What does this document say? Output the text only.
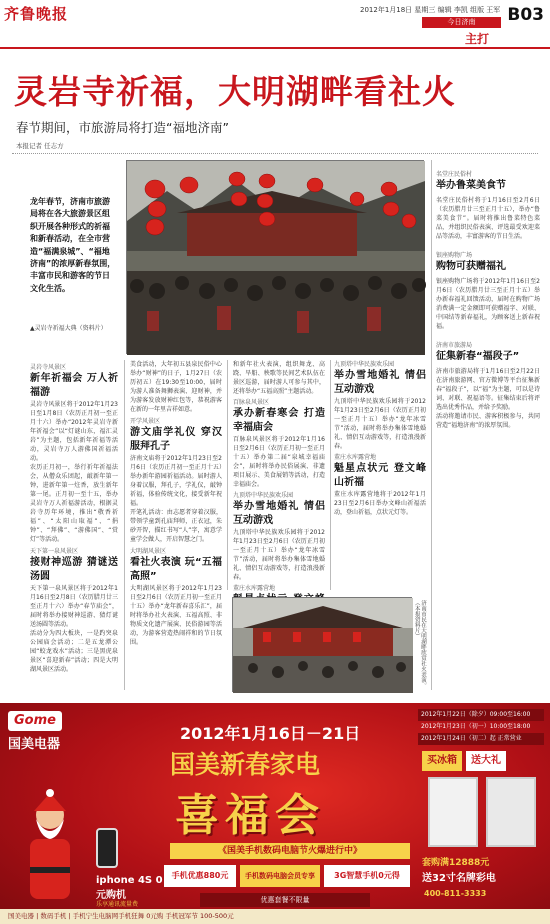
齐鲁晚报	2012年1月18日 星期三 编辑 李凯 组版 王军 B03
今日济南
主打
灵岩寺祈福，大明湖畔看社火
春节期间，市旅游局将打造“福地济南”
本报记者 任志方
龙年春节，济南市旅游局将在各大旅游景区组织开展各种形式的祈福和新春活动，在全市营造“福满泉城”、“福地济南”的浓厚新春氛围，丰富市民和游客的节日文化生活。
▲灵岩寺祈福大典（资料片）
灵岩寺风景区
新年祈福会 万人祈福游
灵岩寺风景区将于2012年1月23日至1月8日（农历正月初一至正月十六）举办“2012年灵岩寺新年祈福会”以“灯谜山东，福汇灵岩”为主题，包括新年祈福等活动，灵岩寺万人游佛国祈福活动。
农历正月初一，举行祈年祈福法会，从僧众乐团起，敲新年第一钟，进新年第一炷香，放生新年第一尾。正月初一至十五，举办灵岩寺万人祈福游活动，根据灵岩寺历年环境，推出“敬香祈福”、“太阳山取福”、“捐钟”、“拜佛”、“游佛国”、“赏灯”等活动。
天下第一泉风景区
接财神巡游 猜谜送汤圆
天下第一泉风景区将于2012年1月16日至2月8日（农历腊月廿三至正月十六）举办“春节庙会”，届时将举办接财神巡游、猜灯谜送汤圆等活动。
活动分为四大板块，一是趵突泉公园庙会活动；二是五龙潭公园“蛟龙戏水”活动；三是黑虎泉景区“喜迎新春”活动；四是大明湖风景区活动。
美食活动，大年初五县泉民俗中心举办“财神”的日子，1月27日（农历初五）在19:30至10:00，届时为游人准备舞狮表演、迎财神，并为游客发放财神红包等，恭祝游客在新的一年里吉祥如意。
开学风景区
游文庙学礼仪 穿汉服拜孔子
济南文庙将于2012年1月23日至2月6日（农历正月初一至正月十五）举办新年游园祈福活动。届时游人身着汉服，拜孔子，学礼仪，敲钟祈福，体验传统文化，接受新年祝福。
开笔礼活动：由志愿者穿着汉服，带领学童到孔庙拜师，正衣冠，朱砂开智，描红书写“人”字，寓意学童学会做人，开启智慧之门。
大明湖风景区
看社火表演 玩“五福高照”
大明湖风景区将于2012年1月23日至2月6日（农历正月初一至正月十五）举办“龙年新春喜乐汇”，届时将举办社火表演、五福高照、非物质文化遗产展演、民俗游园等活动，为游客营造热闹祥和的节日氛围。
和新年社火表演，组织舞龙、高跷、旱船、秧歌等民间艺术队伍在景区巡游，届时游人可参与其中，还将举办“五福高照”主题活动。
百脉泉风景区
承办新春寒会 打造幸福庙会
百脉泉风景区将于2012年1月16日至2月6日（农历正月初一至正月十五）举办第二届“泉城幸福庙会”，届时将举办民俗展演、非遗项目展示、美食展销等活动，打造幸福庙会。
九顶塔中华民族欢乐园
举办雪地婚礼 情侣互动游戏
九顶塔中华民族欢乐园将于2012年1月23日至2月6日（农历正月初一至正月十五）举办“龙年冰雪节”活动，届时将举办集体雪地婚礼、情侣互动游戏等，打造浪漫新春。
董庄水库露营地
九顶塔中华民族欢乐园
举办雪地婚礼 情侣互动游戏
九顶塔中华民族欢乐园将于2012年1月23日至2月6日（农历正月初一至正月十五）举办“龙年冰雪节”活动，届时将举办集体雪地婚礼、情侣互动游戏等，打造浪漫新春。
董庄水库露营地
魁星点状元 登文峰山祈福
董庄水库露营地将于2012年1月23日至2月6日举办文峰山祈福活动，登山祈福，点状元灯等。
济南市民在大明湖畔欣赏社火表演。（本报资料片）
名堂庄民俗村
举办鲁菜美食节
名堂庄民俗村将于1月16日至2月6日（农历腊月廿三至正月十五），举办“鲁菜美食节”。届时将推出鲁菜特色菜品，并组织民俗表演、评选最受欢迎菜品等活动，丰富游客的节日生活。
银座购物广场
购物可获赠福礼
银座购物广场将于2012年1月16日至2月6日（农历腊月廿三至正月十五）举办新春福礼回馈活动，届时在购物广场消费满一定金额即可获赠福字、对联、中国结等新春福礼，为顾客送上新春祝福。
济南市旅游局
征集新春“福段子”
济南市旅游局将于1月16日至2月22日在济南旅游网、官方微博等平台征集新春“福段子”，以“福”为主题，可以是诗词、对联、祝福语等。征集结束后将评选出优秀作品，并给予奖励。
活动将邀请市民、游客积极参与，共同营造“福地济南”的浓厚氛围。
Gome
国美电器
2012年1月16日－21日
国美新春家电
喜福会
《国美手机数码电脑节火爆进行中》
手机优惠880元	手机数码电脑会员专享	3G智慧手机0元得
优惠套餐不限量
国美电器 | 数码手机 | 手机宁生电脑网手机狂舞 0元购 手机冠军节 100-500元
iphone 4S 0元购机
乐享通讯流量费
2012年1月22日（除夕）09:00至16:00
2012年1月23日（初一）10:00至18:00
2012年1月24日（初二）起 正常营业
买冰箱	送大礼
套购满12888元
送32寸名牌彩电
400-811-3333
